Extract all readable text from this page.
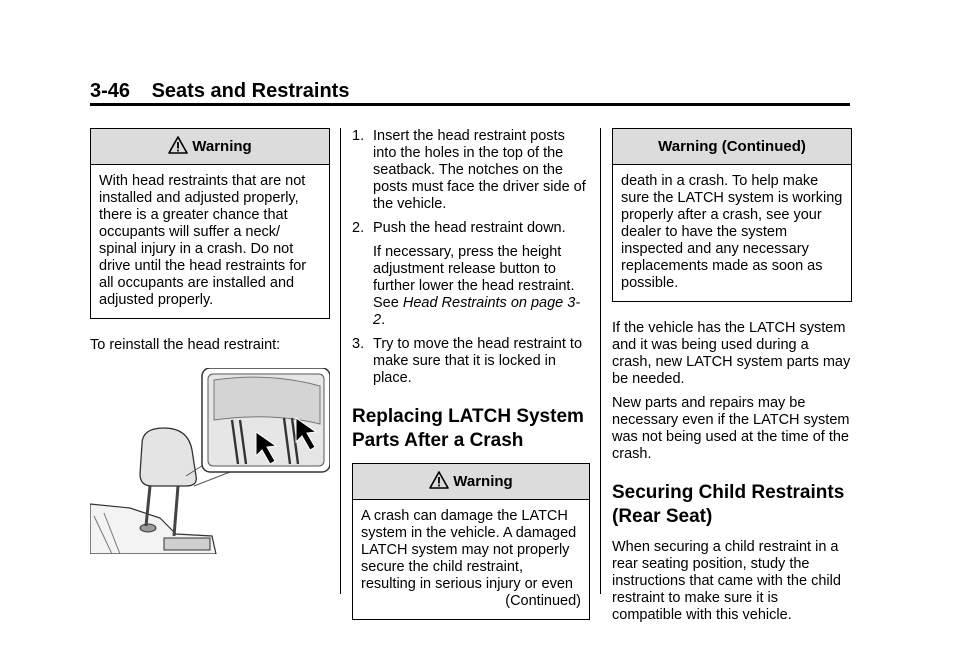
3-46 Seats and Restraints
Warning
With head restraints that are not installed and adjusted properly, there is a greater chance that occupants will suffer a neck/ spinal injury in a crash. Do not drive until the head restraints for all occupants are installed and adjusted properly.

To reinstall the head restraint:

1. Insert the head restraint posts into the holes in the top of the seatback. The notches on the posts must face the driver side of the vehicle.
2. Push the head restraint down.

If necessary, press the height adjustment release button to further lower the head restraint. See Head Restraints on page 3-2.

3. Try to move the head restraint to make sure that it is locked in place.
Replacing LATCH System Parts After a Crash
Warning
A crash can damage the LATCH system in the vehicle. A damaged LATCH system may not properly secure the child restraint, resulting in serious injury or even
(Continued)
Warning (Continued)
death in a crash. To help make sure the LATCH system is working properly after a crash, see your dealer to have the system inspected and any necessary replacements made as soon as possible.

If the vehicle has the LATCH system and it was being used during a crash, new LATCH system parts may be needed.

New parts and repairs may be necessary even if the LATCH system was not being used at the time of the crash.

Securing Child Restraints (Rear Seat)

When securing a child restraint in a rear seating position, study the instructions that came with the child restraint to make sure it is compatible with this vehicle.
